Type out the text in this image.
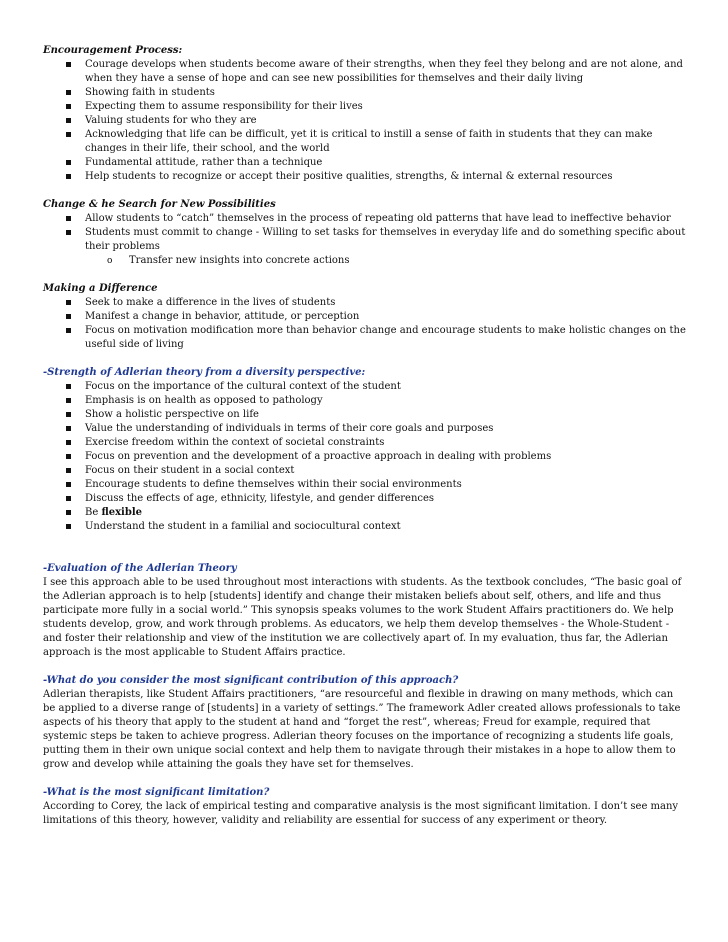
Encouragement Process:

Courage develops when students become aware of their strengths, when they feel they belong and are not alone, and when they have a sense of hope and can see new possibilities for themselves and their daily living
Showing faith in students
Expecting them to assume responsibility for their lives
Valuing students for who they are
Acknowledging that life can be difficult, yet it is critical to instill a sense of faith in students that they can make changes in their life, their school, and the world
Fundamental attitude, rather than a technique
Help students to recognize or accept their positive qualities, strengths, & internal & external resources

Change & he Search for New Possibilities

Allow students to “catch” themselves in the process of repeating old patterns that have lead to ineffective behavior
Students must commit to change - Willing to set tasks for themselves in everyday life and do something specific about their problems
o Transfer new insights into concrete actions

Making a Difference

Seek to make a difference in the lives of students
Manifest a change in behavior, attitude, or perception
Focus on motivation modification more than behavior change and encourage students to make holistic changes on the useful side of living

-Strength of Adlerian theory from a diversity perspective:

Focus on the importance of the cultural context of the student
Emphasis is on health as opposed to pathology
Show a holistic perspective on life
Value the understanding of individuals in terms of their core goals and purposes
Exercise freedom within the context of societal constraints
Focus on prevention and the development of a proactive approach in dealing with problems
Focus on their student in a social context
Encourage students to define themselves within their social environments
Discuss the effects of age, ethnicity, lifestyle, and gender differences
Be flexible
Understand the student in a familial and sociocultural context

-Evaluation of the Adlerian Theory

I see this approach able to be used throughout most interactions with students. As the textbook concludes, “The basic goal of the Adlerian approach is to help [students] identify and change their mistaken beliefs about self, others, and life and thus participate more fully in a social world.” This synopsis speaks volumes to the work Student Affairs practitioners do. We help students develop, grow, and work through problems. As educators, we help them develop themselves - the Whole-Student - and foster their relationship and view of the institution we are collectively apart of. In my evaluation, thus far, the Adlerian approach is the most applicable to Student Affairs practice.

-What do you consider the most significant contribution of this approach?

Adlerian therapists, like Student Affairs practitioners, “are resourceful and flexible in drawing on many methods, which can be applied to a diverse range of [students] in a variety of settings.” The framework Adler created allows professionals to take aspects of his theory that apply to the student at hand and “forget the rest”, whereas; Freud for example, required that systemic steps be taken to achieve progress. Adlerian theory focuses on the importance of recognizing a students life goals, putting them in their own unique social context and help them to navigate through their mistakes in a hope to allow them to grow and develop while attaining the goals they have set for themselves.

-What is the most significant limitation?

According to Corey, the lack of empirical testing and comparative analysis is the most significant limitation. I don’t see many limitations of this theory, however, validity and reliability are essential for success of any experiment or theory.
